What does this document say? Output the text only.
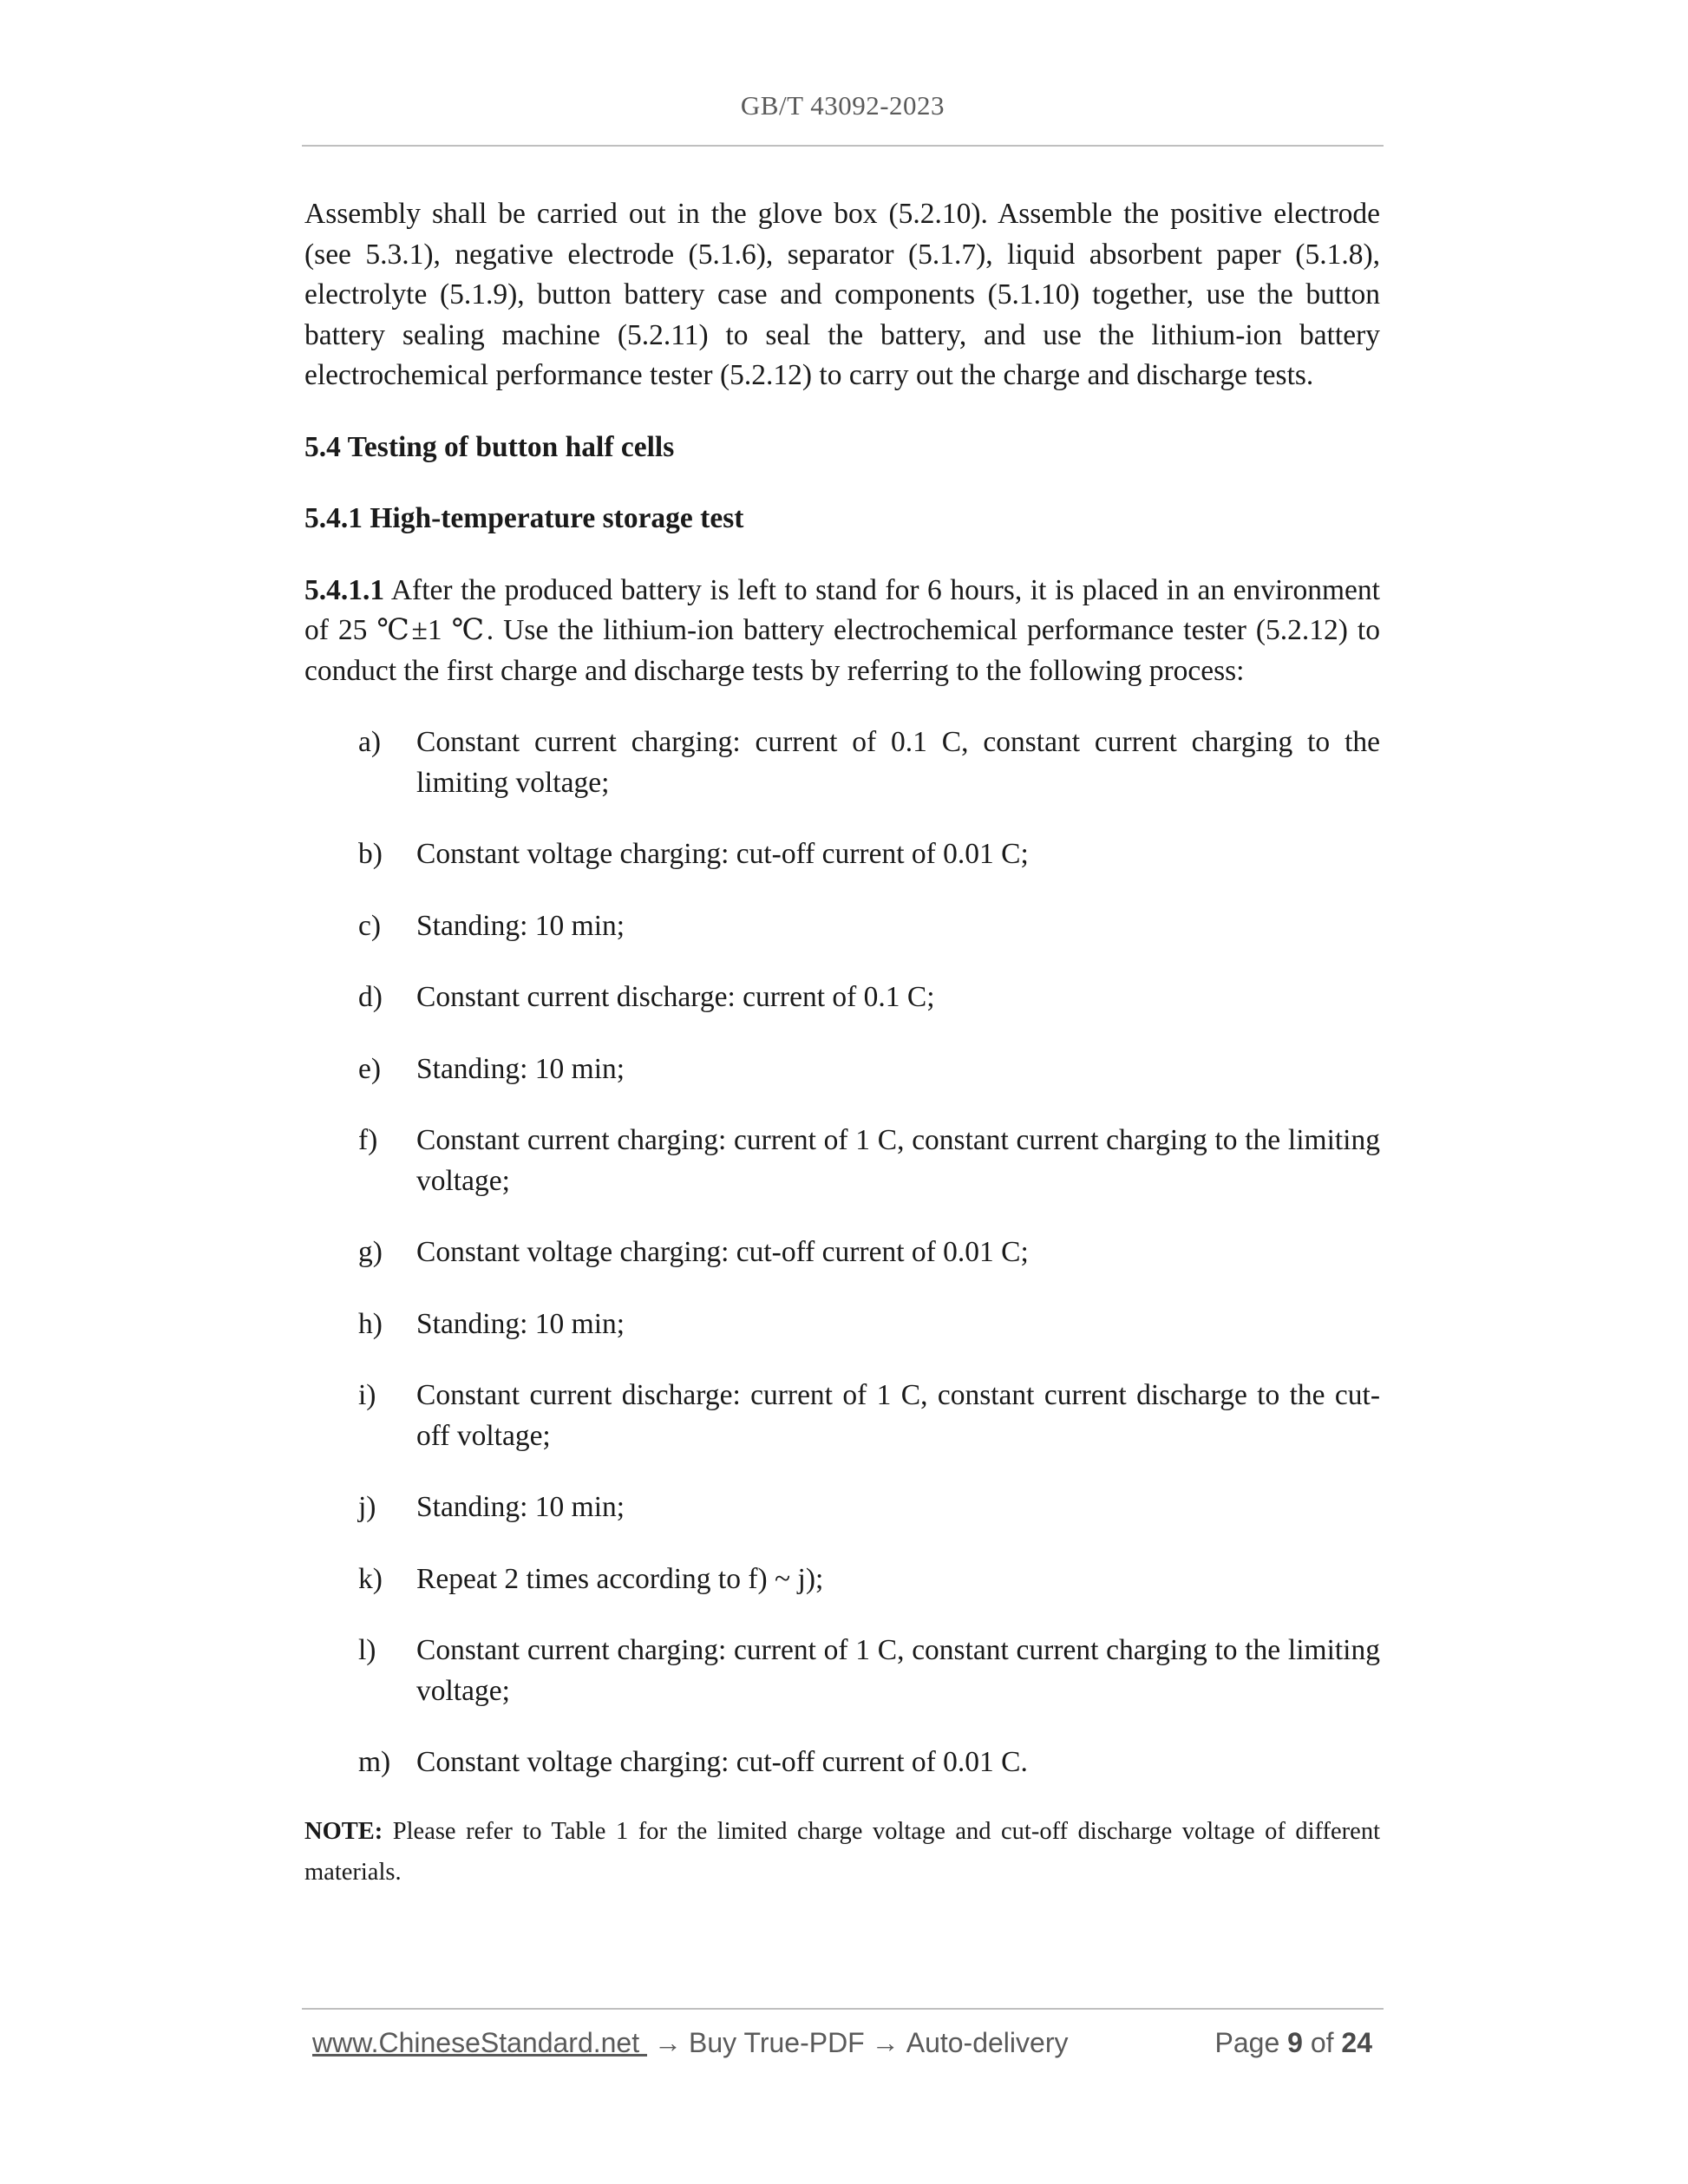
GB/T 43092-2023

Assembly shall be carried out in the glove box (5.2.10). Assemble the positive electrode (see 5.3.1), negative electrode (5.1.6), separator (5.1.7), liquid absorbent paper (5.1.8), electrolyte (5.1.9), button battery case and components (5.1.10) together, use the button battery sealing machine (5.2.11) to seal the battery, and use the lithium-ion battery electrochemical performance tester (5.2.12) to carry out the charge and discharge tests.

5.4 Testing of button half cells

5.4.1 High-temperature storage test

5.4.1.1 After the produced battery is left to stand for 6 hours, it is placed in an environment of 25 ℃±1 ℃. Use the lithium-ion battery electrochemical performance tester (5.2.12) to conduct the first charge and discharge tests by referring to the following process:

a)	Constant current charging: current of 0.1 C, constant current charging to the limiting voltage;
b)	Constant voltage charging: cut-off current of 0.01 C;
c)	Standing: 10 min;
d)	Constant current discharge: current of 0.1 C;
e)	Standing: 10 min;
f)	Constant current charging: current of 1 C, constant current charging to the limiting voltage;
g)	Constant voltage charging: cut-off current of 0.01 C;
h)	Standing: 10 min;
i)	Constant current discharge: current of 1 C, constant current discharge to the cut-off voltage;
j)	Standing: 10 min;
k)	Repeat 2 times according to f) ~ j);
l)	Constant current charging: current of 1 C, constant current charging to the limiting voltage;
m) Constant voltage charging: cut-off current of 0.01 C.

NOTE: Please refer to Table 1 for the limited charge voltage and cut-off discharge voltage of different materials.

www.ChineseStandard.net → Buy True-PDF → Auto-delivery	Page 9 of 24
